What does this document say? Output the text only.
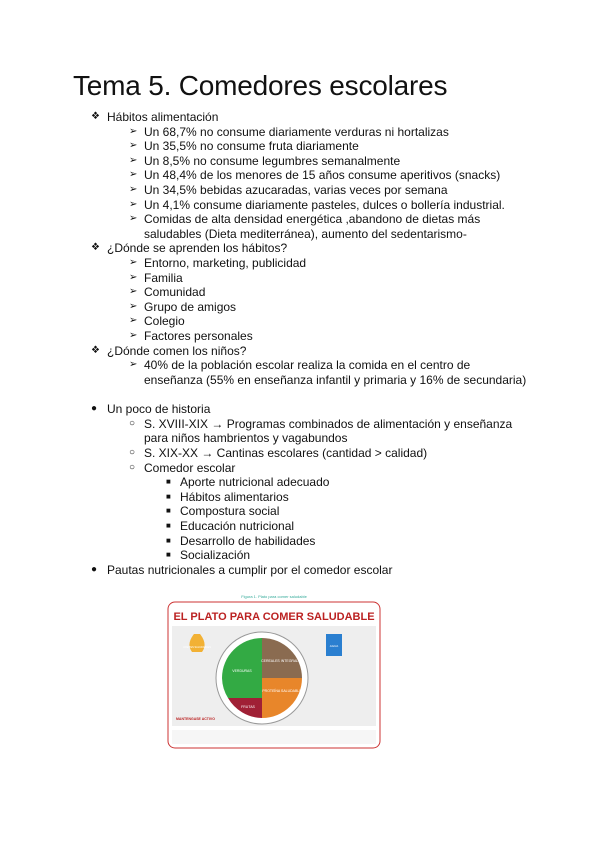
Tema 5. Comedores escolares
❖ Hábitos alimentación
➢ Un 68,7% no consume diariamente verduras ni hortalizas
➢ Un 35,5% no consume fruta diariamente
➢ Un 8,5% no consume legumbres semanalmente
➢ Un 48,4% de los menores de 15 años consume aperitivos (snacks)
➢ Un 34,5% bebidas azucaradas, varias veces por semana
➢ Un 4,1% consume diariamente pasteles, dulces o bollería industrial.
➢ Comidas de alta densidad energética ,abandono de dietas más saludables (Dieta mediterránea), aumento del sedentarismo-
❖ ¿Dónde se aprenden los hábitos?
➢ Entorno, marketing, publicidad
➢ Familia
➢ Comunidad
➢ Grupo de amigos
➢ Colegio
➢ Factores personales
❖ ¿Dónde comen los niños?
➢ 40% de la población escolar realiza la comida en el centro de enseñanza (55% en enseñanza infantil y primaria y 16% de secundaria)
● Un poco de historia
○ S. XVIII-XIX → Programas combinados de alimentación y enseñanza para niños hambrientos y vagabundos
○ S. XIX-XX → Cantinas escolares (cantidad > calidad)
○ Comedor escolar
■ Aporte nutricional adecuado
■ Hábitos alimentarios
■ Compostura social
■ Educación nutricional
■ Desarrollo de habilidades
■ Socialización
● Pautas nutricionales a cumplir por el comedor escolar
Figura 1. Plato para comer saludable
EL PLATO PARA COMER SALUDABLE
VERDURAS
CEREALES INTEGRALES
PROTEÍNA SALUDABLE
FRUTAS
ACEITES SALUDABLES	AGUA
MANTENGASE ACTIVO
